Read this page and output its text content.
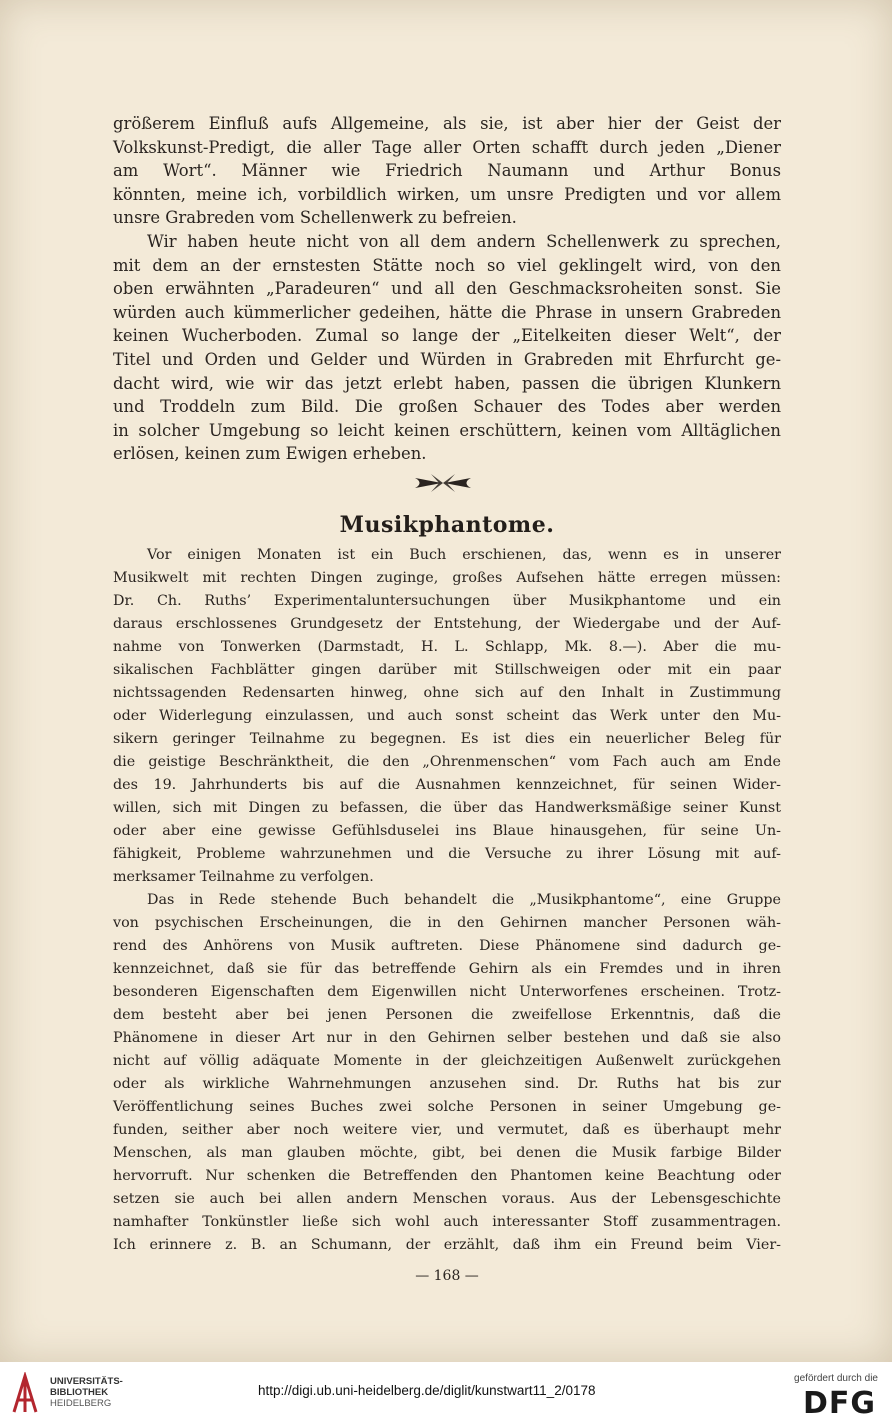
größerem Einfluß aufs Allgemeine, als sie, ist aber hier der Geist der

Volkskunst-Predigt, die aller Tage aller Orten schafft durch jeden „Diener

am Wort“. Männer wie Friedrich Naumann und Arthur Bonus

könnten, meine ich, vorbildlich wirken, um unsre Predigten und vor allem

unsre Grabreden vom Schellenwerk zu befreien.

Wir haben heute nicht von all dem andern Schellenwerk zu sprechen,

mit dem an der ernstesten Stätte noch so viel geklingelt wird, von den

oben erwähnten „Paradeuren“ und all den Geschmacksroheiten sonst. Sie

würden auch kümmerlicher gedeihen, hätte die Phrase in unsern Grabreden

keinen Wucherboden. Zumal so lange der „Eitelkeiten dieser Welt“, der

Titel und Orden und Gelder und Würden in Grabreden mit Ehrfurcht ge-

dacht wird, wie wir das jetzt erlebt haben, passen die übrigen Klunkern

und Troddeln zum Bild. Die großen Schauer des Todes aber werden

in solcher Umgebung so leicht keinen erschüttern, keinen vom Alltäglichen

erlösen, keinen zum Ewigen erheben.

Musikphantome.

Vor einigen Monaten ist ein Buch erschienen, das, wenn es in unserer

Musikwelt mit rechten Dingen zuginge, großes Aufsehen hätte erregen müssen:

Dr. Ch. Ruths’ Experimentaluntersuchungen über Musikphantome und ein

daraus erschlossenes Grundgesetz der Entstehung, der Wiedergabe und der Auf-

nahme von Tonwerken (Darmstadt, H. L. Schlapp, Mk. 8.—). Aber die mu-

sikalischen Fachblätter gingen darüber mit Stillschweigen oder mit ein paar

nichtssagenden Redensarten hinweg, ohne sich auf den Inhalt in Zustimmung

oder Widerlegung einzulassen, und auch sonst scheint das Werk unter den Mu-

sikern geringer Teilnahme zu begegnen. Es ist dies ein neuerlicher Beleg für

die geistige Beschränktheit, die den „Ohrenmenschen“ vom Fach auch am Ende

des 19. Jahrhunderts bis auf die Ausnahmen kennzeichnet, für seinen Wider-

willen, sich mit Dingen zu befassen, die über das Handwerksmäßige seiner Kunst

oder aber eine gewisse Gefühlsduselei ins Blaue hinausgehen, für seine Un-

fähigkeit, Probleme wahrzunehmen und die Versuche zu ihrer Lösung mit auf-

merksamer Teilnahme zu verfolgen.

Das in Rede stehende Buch behandelt die „Musikphantome“, eine Gruppe

von psychischen Erscheinungen, die in den Gehirnen mancher Personen wäh-

rend des Anhörens von Musik auftreten. Diese Phänomene sind dadurch ge-

kennzeichnet, daß sie für das betreffende Gehirn als ein Fremdes und in ihren

besonderen Eigenschaften dem Eigenwillen nicht Unterworfenes erscheinen. Trotz-

dem besteht aber bei jenen Personen die zweifellose Erkenntnis, daß die

Phänomene in dieser Art nur in den Gehirnen selber bestehen und daß sie also

nicht auf völlig adäquate Momente in der gleichzeitigen Außenwelt zurückgehen

oder als wirkliche Wahrnehmungen anzusehen sind. Dr. Ruths hat bis zur

Veröffentlichung seines Buches zwei solche Personen in seiner Umgebung ge-

funden, seither aber noch weitere vier, und vermutet, daß es überhaupt mehr

Menschen, als man glauben möchte, gibt, bei denen die Musik farbige Bilder

hervorruft. Nur schenken die Betreffenden den Phantomen keine Beachtung oder

setzen sie auch bei allen andern Menschen voraus. Aus der Lebensgeschichte

namhafter Tonkünstler ließe sich wohl auch interessanter Stoff zusammentragen.

Ich erinnere z. B. an Schumann, der erzählt, daß ihm ein Freund beim Vier-

— 168 —
UNIVERSITÄTS-
BIBLIOTHEK
HEIDELBERG
http://digi.ub.uni-heidelberg.de/diglit/kunstwart11_2/0178
gefördert durch die
DFG
